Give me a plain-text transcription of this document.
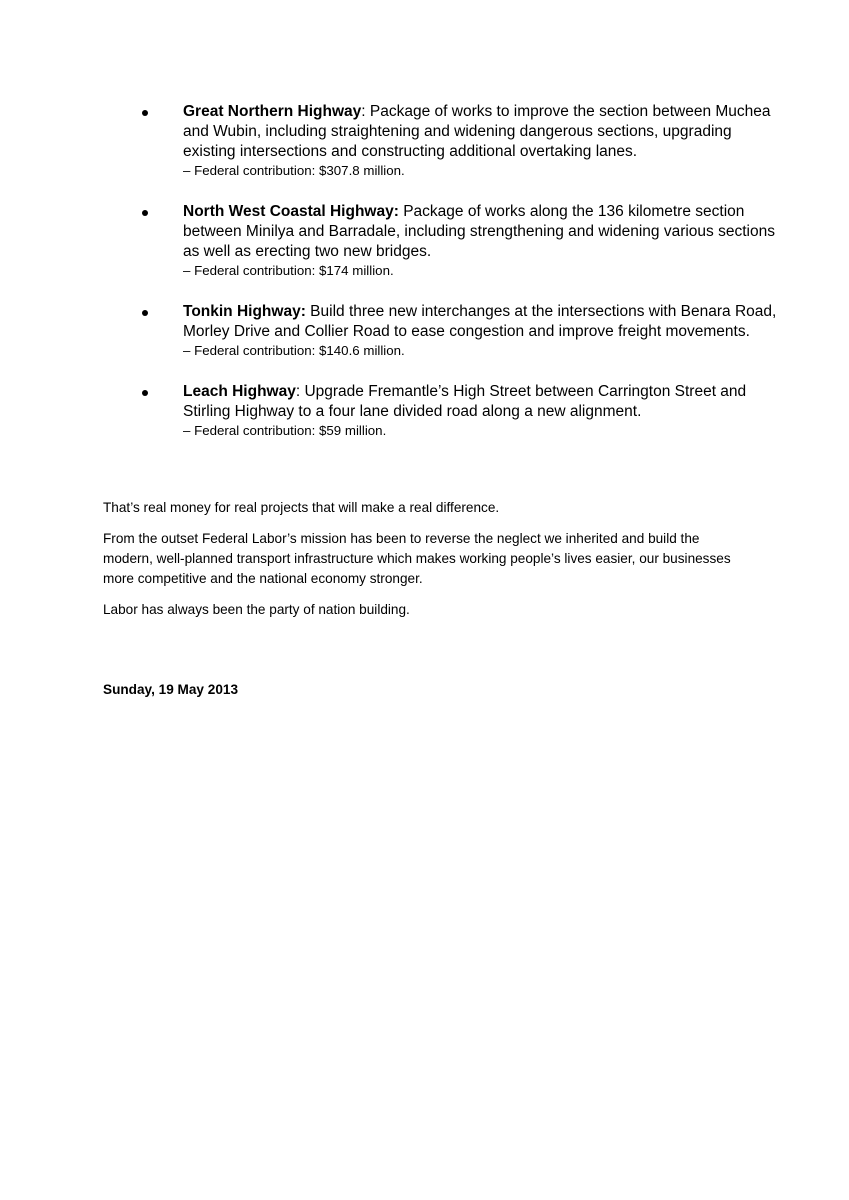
Great Northern Highway: Package of works to improve the section between Muchea and Wubin, including straightening and widening dangerous sections, upgrading existing intersections and constructing additional overtaking lanes.
– Federal contribution: $307.8 million.
North West Coastal Highway: Package of works along the 136 kilometre section between Minilya and Barradale, including strengthening and widening various sections as well as erecting two new bridges.
– Federal contribution: $174 million.
Tonkin Highway: Build three new interchanges at the intersections with Benara Road, Morley Drive and Collier Road to ease congestion and improve freight movements.
– Federal contribution: $140.6 million.
Leach Highway: Upgrade Fremantle’s High Street between Carrington Street and Stirling Highway to a four lane divided road along a new alignment.
– Federal contribution: $59 million.

That’s real money for real projects that will make a real difference.

From the outset Federal Labor’s mission has been to reverse the neglect we inherited and build the modern, well-planned transport infrastructure which makes working people’s lives easier, our businesses more competitive and the national economy stronger.

Labor has always been the party of nation building.

Sunday, 19 May 2013
